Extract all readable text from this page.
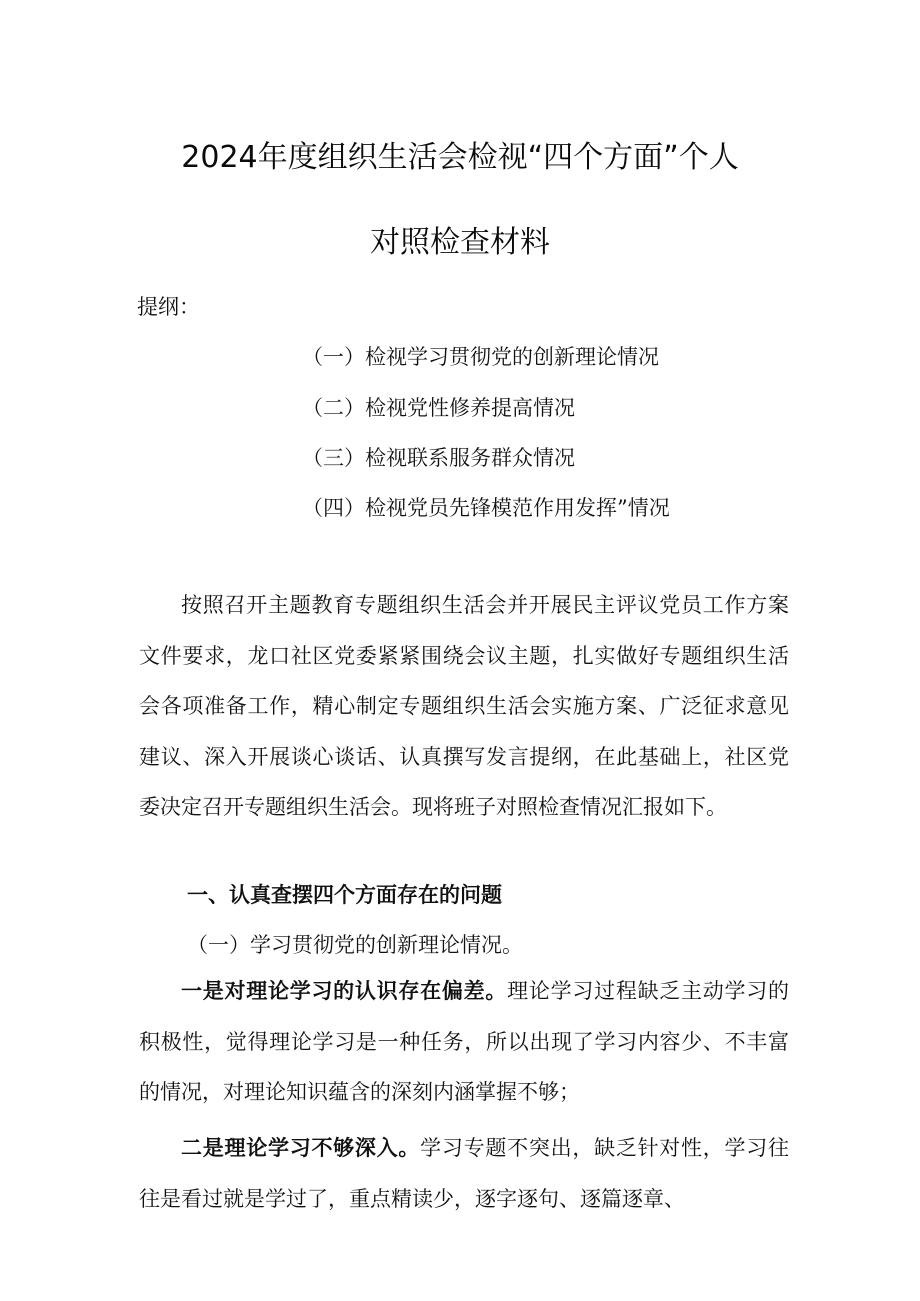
2024年度组织生活会检视“四个方面”个人
对照检查材料
提纲：
（一）检视学习贯彻党的创新理论情况
（二）检视党性修养提高情况
（三）检视联系服务群众情况
（四）检视党员先锋模范作用发挥”情况
按照召开主题教育专题组织生活会并开展民主评议党员工作方案文件要求，龙口社区党委紧紧围绕会议主题，扎实做好专题组织生活会各项准备工作，精心制定专题组织生活会实施方案、广泛征求意见建议、深入开展谈心谈话、认真撰写发言提纲，在此基础上，社区党委决定召开专题组织生活会。现将班子对照检查情况汇报如下。
一、认真查摆四个方面存在的问题
（一）学习贯彻党的创新理论情况。
一是对理论学习的认识存在偏差。理论学习过程缺乏主动学习的积极性，觉得理论学习是一种任务，所以出现了学习内容少、不丰富的情况，对理论知识蕴含的深刻内涵掌握不够；
二是理论学习不够深入。学习专题不突出，缺乏针对性，学习往往是看过就是学过了，重点精读少，逐字逐句、逐篇逐章、
